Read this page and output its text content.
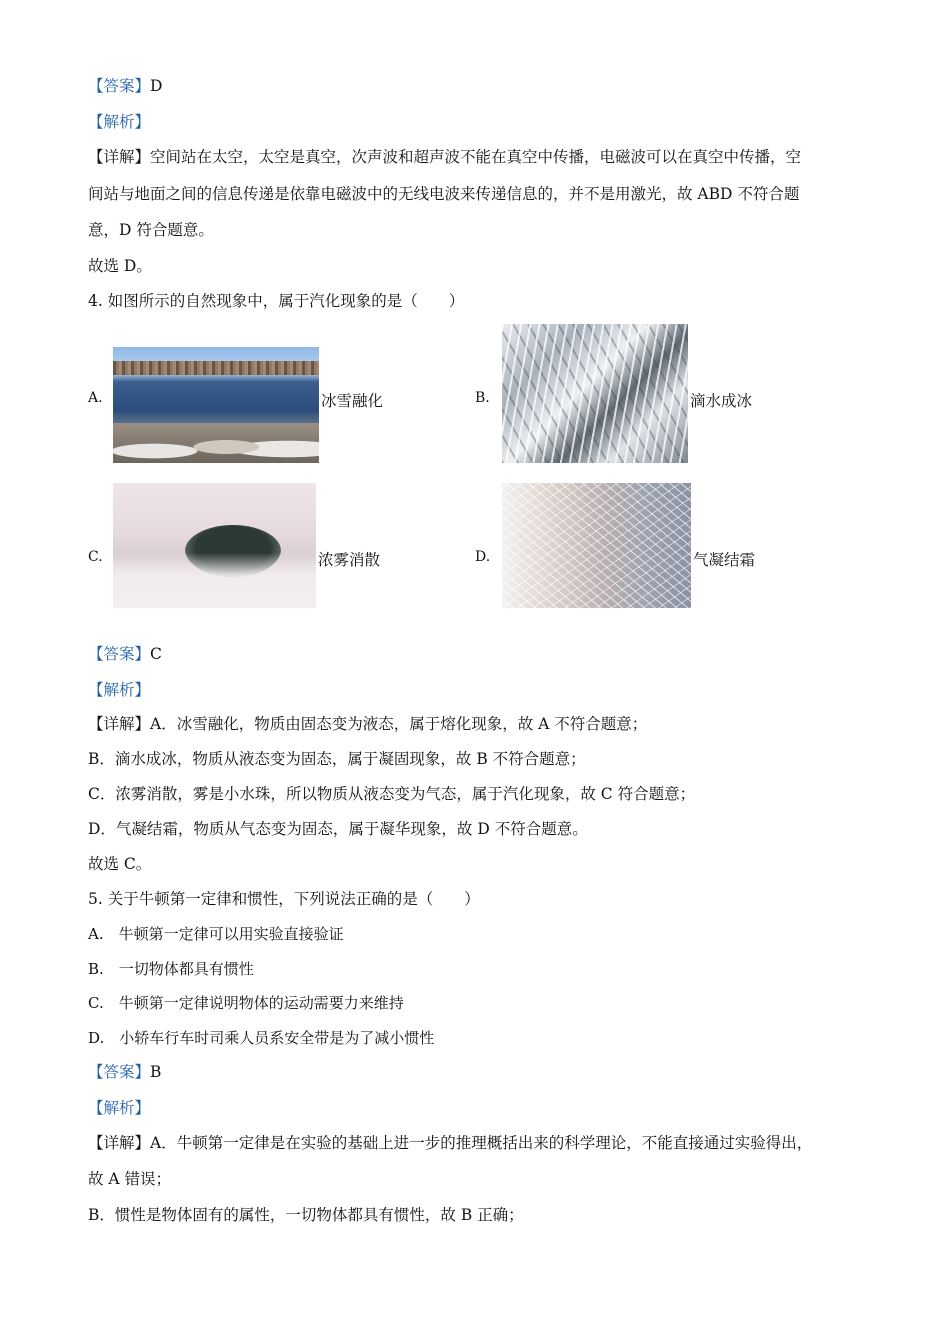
【答案】D
【解析】
【详解】空间站在太空，太空是真空，次声波和超声波不能在真空中传播，电磁波可以在真空中传播，空
间站与地面之间的信息传递是依靠电磁波中的无线电波来传递信息的，并不是用激光，故 ABD 不符合题
意，D 符合题意。
故选 D。
4. 如图所示的自然现象中，属于汽化现象的是（　　）
A.	冰雪融化	B.	滴水成冰
C.	浓雾消散	D.	气凝结霜
【答案】C
【解析】
【详解】A．冰雪融化，物质由固态变为液态，属于熔化现象，故 A 不符合题意；
B．滴水成冰，物质从液态变为固态，属于凝固现象，故 B 不符合题意；
C．浓雾消散，雾是小水珠，所以物质从液态变为气态，属于汽化现象，故 C 符合题意；
D．气凝结霜，物质从气态变为固态，属于凝华现象，故 D 不符合题意。
故选 C。
5. 关于牛顿第一定律和惯性，下列说法正确的是（　　）
A.　牛顿第一定律可以用实验直接验证
B.　一切物体都具有惯性
C.　牛顿第一定律说明物体的运动需要力来维持
D.　小轿车行车时司乘人员系安全带是为了减小惯性
【答案】B
【解析】
【详解】A．牛顿第一定律是在实验的基础上进一步的推理概括出来的科学理论，不能直接通过实验得出，
故 A 错误；
B．惯性是物体固有的属性，一切物体都具有惯性，故 B 正确；
